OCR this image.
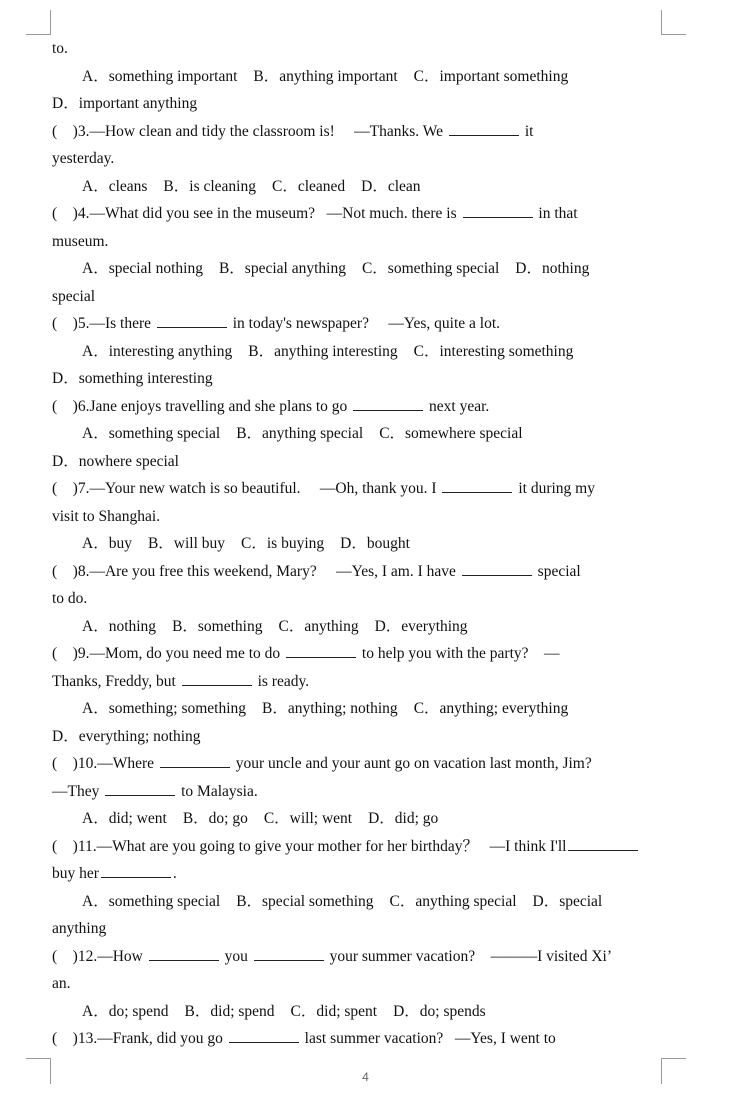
to.
A．something important B．anything important C．important something
D．important anything
(    )3.—How clean and tidy the classroom is!     —Thanks. We	it
yesterday.
A．cleans B．is cleaning C．cleaned D．clean
(    )4.—What did you see in the museum?   —Not much. there is	in that
museum.
A．special nothing B．special anything C．something special D．nothing
special
(    )5.—Is there	in today's newspaper?     —Yes, quite a lot.
A．interesting anything B．anything interesting C．interesting something
D．something interesting
(    )6.Jane enjoys travelling and she plans to go	next year.
A．something special B．anything special C．somewhere special
D．nowhere special
(    )7.—Your new watch is so beautiful.     —Oh, thank you. I	it during my
visit to Shanghai.
A．buy B．will buy C．is buying D．bought
(    )8.—Are you free this weekend, Mary?     —Yes, I am. I have	special
to do.
A．nothing B．something C．anything D．everything
(    )9.—Mom, do you need me to do	to help you with the party?    —
Thanks, Freddy, but	is ready.
A．something; something B．anything; nothing C．anything; everything
D．everything; nothing
(    )10.—Where	your uncle and your aunt go on vacation last month, Jim?
—They	to Malaysia.
A．did; went B．do; go C．will; went D．did; go
(    )11.—What are you going to give your mother for her birthday？   —I think I'll
buy her	.
A．something special B．special something C．anything special D．special
anything
(    )12.—How	you	your summer vacation?    ———I visited Xi’
an.
A．do; spend B．did; spend C．did; spent D．do; spends
(    )13.—Frank, did you go	last summer vacation?   —Yes, I went to
4
